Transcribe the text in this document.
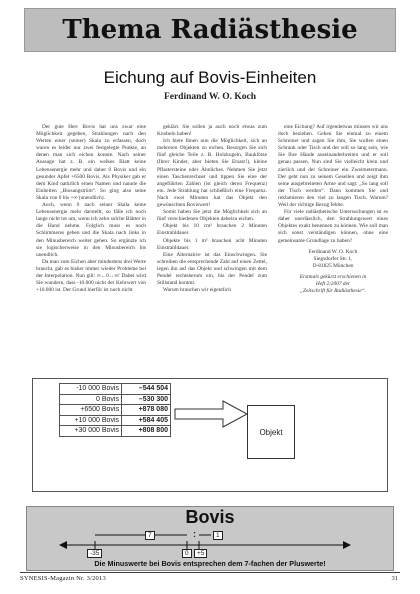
Thema Radiästhesie
Eichung auf Bovis-Einheiten
Ferdinand W. O. Koch

Der gute Herr Bovis hat uns zwar eine Möglichkeit gegeben, Strahlungen nach den Werten einer (seiner) Skala zu erfassen, doch waren es leider nur zwei festgelegte Punkte, an denen man sich eichen konnte. Nach seiner Aussage hat z. B. ein welkes Blatt keine Lebensenergie mehr und daher 0 Bovis und ein gesunder Apfel +6500 Bovis. Als Physiker gab er dem Kind natürlich einen Namen und nannte die Einheiten „Biosangström“. So ging also seine Skala von 0 bis +∞ (unendlich).

Auch, wenn 0 nach seiner Skala keine Lebensenergie mehr darstellt, so fälle ich noch lange nicht tot um, wenn ich zehn solche Blätter in die Hand nehme. Folglich muss es noch Schlimmeres geben und die Skala nach links in den Minusbereich weiter gehen. So ergänzte ich sie logischerweise in den Minusbereich bis unendlich.

Da man zum Eichen aber mindestens drei Werte braucht, gab es bisher immer wieder Probleme bei der Interpolation. Nun gilt: ∞←0→∞! Dabei wird Sie wundern, dass -10.000 nicht der Kehrwert von +10.000 ist. Der Grund hierfür ist noch nicht

geklärt. Sie sollen ja auch noch etwas zum Knobeln haben!

Ich biete Ihnen nun die Möglichkeit, sich an mehreren Objekten zu eichen. Besorgen Sie sich fünf gleiche Teile z. B. Holzkugeln, Bauklötze (Ihrer Kinder, aber bieten Sie Ersatz!), kleine Pflastersteine oder Ähnliches. Nehmen Sie jetzt einen Taschenrechner und tippen Sie eine der angeführten Zahlen (ist gleich deren Frequenz) ein. Jede Strahlung hat schließlich eine Frequenz. Nach zwei Minuten hat das Objekt den gewünschten Boviswert!

Somit haben Sie jetzt die Möglichkeit sich an fünf verschiedenen Objekten dabeizu eichen.

Objekt bis 10 cm³ brauchen 2 Minuten Einstrahldauer.

Objekte bis 1 m³ brauchen acht Minuten Einstrahldauer.

Eine Alternative ist das Einschwingen. Sie schreiben die entsprechende Zahl auf einen Zettel, legen ihn auf das Objekt und schwingen mit dem Pendel rechtsherum ein, bis der Pendel zum Stillstand kommt.

Warum brauchen wir eigentlich

eine Eichung? Auf irgendetwas müssen wir uns doch beziehen. Gehen Sie einmal zu einem Schreiner und sagen Sie ihm, Sie wollen einen Schrank oder Tisch und der soll so lang sein, wie Sie Ihre Hände auseinanderbreiten und er soll genau passen. Nun sind Sie vielleicht klein und zierlich und der Schreiner ein Zweimetermann. Der geht nun zu seinem Gesellen und zeigt ihm seine ausgebreiteten Arme und sagt: „So lang soll der Tisch werden“. Dann kommen Sie und reklamieren den viel zu langen Tisch. Warum? Weil der richtige Bezug fehlte.

Für viele radiästhetische Untersuchungen ist es daher unerlässlich, den Strahlungswert eines Objektes exakt benennen zu können. Wie soll man sich sonst verständigen können, ohne eine gemeinsame Grundlage zu haben?

Ferdinand W. O. Koch
Siegsdorfer Str. 1,
D-81825 München
Erstmals gekürzt erschienen in
Heft 2/2007 der
„Zeitschrift für Radiästhesie“.
-10 000 Bovis	–544 504
0 Bovis	–530 300
+6500 Bovis	+878 080
+10 000 Bovis	+584 405
+30 000 Bovis	+808 800	Objekt
Bovis
7	:	1
-35	0	+5
Die Minuswerte bei Bovis entsprechen dem 7-fachen der Pluswerte!
SYNESIS-Magazin Nr. 3/2013	31
